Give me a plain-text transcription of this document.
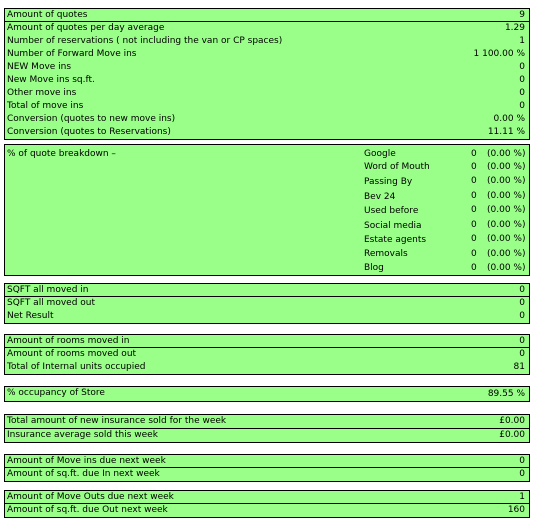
Amount of quotes	9
Amount of quotes per day average	1.29
Number of reservations ( not including the van or CP spaces)	1
Number of Forward Move ins	1 100.00 %
NEW Move ins	0
New Move ins sq.ft.	0
Other move ins	0
Total of move ins	0
Conversion (quotes to new move ins)	0.00 %
Conversion (quotes to Reservations)	11.11 %
% of quote breakdown –	Google	0 (0.00 %)
Word of Mouth	0 (0.00 %)
Passing By	0 (0.00 %)
Bev 24	0 (0.00 %)
Used before	0 (0.00 %)
Social media	0 (0.00 %)
Estate agents	0 (0.00 %)
Removals	0 (0.00 %)
Blog	0 (0.00 %)
SQFT all moved in	0
SQFT all moved out	0
Net Result	0
Amount of rooms moved in	0
Amount of rooms moved out	0
Total of Internal units occupied	81
% occupancy of Store	89.55 %
Total amount of new insurance sold for the week	£0.00
Insurance average sold this week	£0.00
Amount of Move ins due next week	0
Amount of sq.ft. due In next week	0
Amount of Move Outs due next week	1
Amount of sq.ft. due Out next week	160
